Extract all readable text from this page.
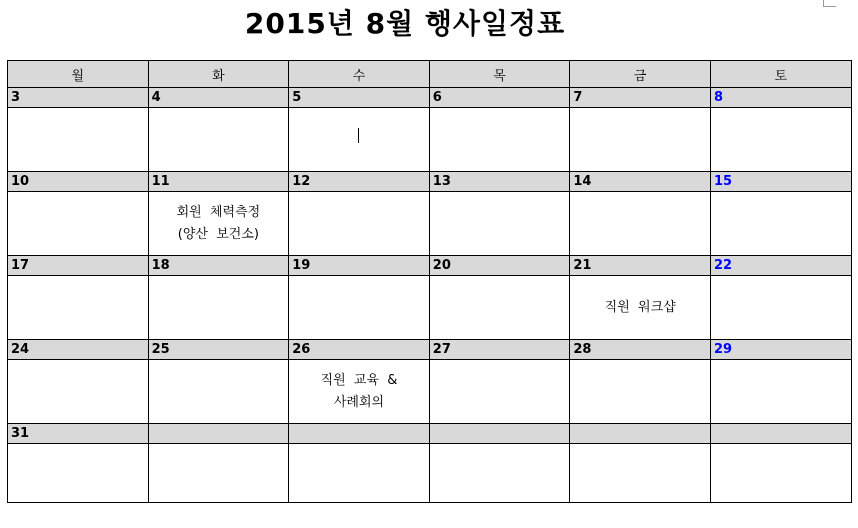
2015년 8월 행사일정표
월	화	수	목	금	토
3	4	5	6	7	8

10	11	12	13	14	15

	회원  체력측정
(양산  보건소)				

17	18	19	20	21	22

				직원  워크샵	

24	25	26	27	28	29

		직원  교육  &
사례회의			

31					
